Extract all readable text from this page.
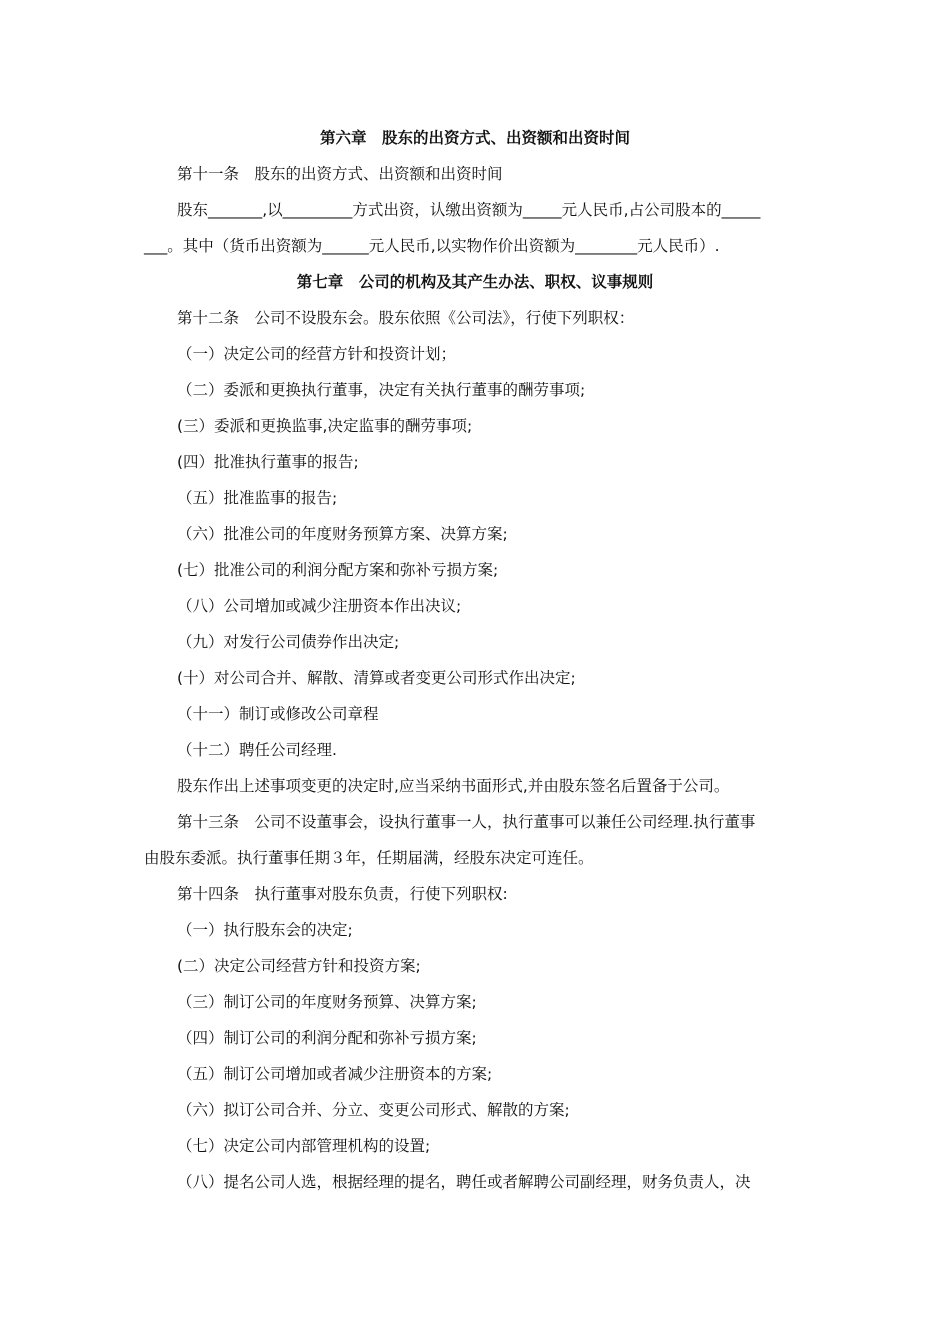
第六章　股东的出资方式、出资额和出资时间
第十一条　股东的出资方式、出资额和出资时间
股东_______,以_________方式出资，认缴出资额为_____元人民币,占公司股本的_____
___。其中（货币出资额为______元人民币,以实物作价出资额为________元人民币）.
第七章　公司的机构及其产生办法、职权、议事规则
第十二条　公司不设股东会。股东依照《公司法》，行使下列职权：
（一）决定公司的经营方针和投资计划；
（二）委派和更换执行董事，决定有关执行董事的酬劳事项;
(三）委派和更换监事,决定监事的酬劳事项;
(四）批准执行董事的报告;
（五）批准监事的报告;
（六）批准公司的年度财务预算方案、决算方案;
(七）批准公司的利润分配方案和弥补亏损方案;
（八）公司增加或减少注册资本作出决议;
（九）对发行公司债券作出决定;
(十）对公司合并、解散、清算或者变更公司形式作出决定;
（十一）制订或修改公司章程
（十二）聘任公司经理.
股东作出上述事项变更的决定时,应当采纳书面形式,并由股东签名后置备于公司。
第十三条　公司不设董事会，设执行董事一人，执行董事可以兼任公司经理.执行董事
由股东委派。执行董事任期３年，任期届满，经股东决定可连任。
第十四条　执行董事对股东负责，行使下列职权:
（一）执行股东会的决定;
(二）决定公司经营方针和投资方案;
（三）制订公司的年度财务预算、决算方案;
（四）制订公司的利润分配和弥补亏损方案;
（五）制订公司增加或者减少注册资本的方案;
（六）拟订公司合并、分立、变更公司形式、解散的方案;
（七）决定公司内部管理机构的设置;
（八）提名公司人选，根据经理的提名，聘任或者解聘公司副经理，财务负责人，决
